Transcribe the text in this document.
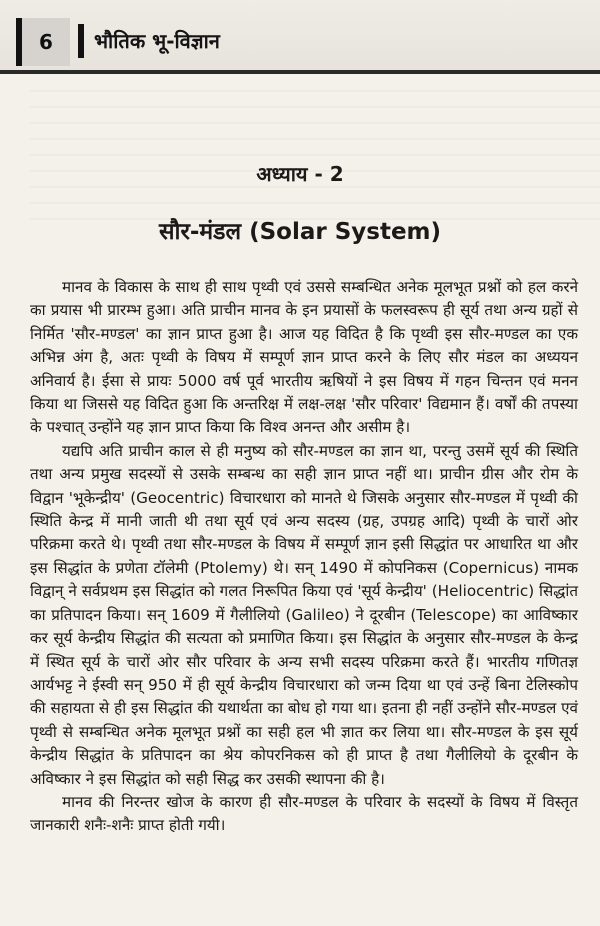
6	भौतिक भू-विज्ञान
अध्याय - 2
सौर-मंडल (Solar System)

मानव के विकास के साथ ही साथ पृथ्वी एवं उससे सम्बन्धित अनेक मूलभूत प्रश्नों को हल करने का प्रयास भी प्रारम्भ हुआ। अति प्राचीन मानव के इन प्रयासों के फलस्वरूप ही सूर्य तथा अन्य ग्रहों से निर्मित 'सौर-मण्डल' का ज्ञान प्राप्त हुआ है। आज यह विदित है कि पृथ्वी इस सौर-मण्डल का एक अभिन्न अंग है, अतः पृथ्वी के विषय में सम्पूर्ण ज्ञान प्राप्त करने के लिए सौर मंडल का अध्ययन अनिवार्य है। ईसा से प्रायः 5000 वर्ष पूर्व भारतीय ऋषियों ने इस विषय में गहन चिन्तन एवं मनन किया था जिससे यह विदित हुआ कि अन्तरिक्ष में लक्ष-लक्ष 'सौर परिवार' विद्यमान हैं। वर्षों की तपस्या के पश्चात् उन्होंने यह ज्ञान प्राप्त किया कि विश्व अनन्त और असीम है।

यद्यपि अति प्राचीन काल से ही मनुष्य को सौर-मण्डल का ज्ञान था, परन्तु उसमें सूर्य की स्थिति तथा अन्य प्रमुख सदस्यों से उसके सम्बन्ध का सही ज्ञान प्राप्त नहीं था। प्राचीन ग्रीस और रोम के विद्वान 'भूकेन्द्रीय' (Geocentric) विचारधारा को मानते थे जिसके अनुसार सौर-मण्डल में पृथ्वी की स्थिति केन्द्र में मानी जाती थी तथा सूर्य एवं अन्य सदस्य (ग्रह, उपग्रह आदि) पृथ्वी के चारों ओर परिक्रमा करते थे। पृथ्वी तथा सौर-मण्डल के विषय में सम्पूर्ण ज्ञान इसी सिद्धांत पर आधारित था और इस सिद्धांत के प्रणेता टॉलेमी (Ptolemy) थे। सन् 1490 में कोपनिकस (Copernicus) नामक विद्वान् ने सर्वप्रथम इस सिद्धांत को गलत निरूपित किया एवं 'सूर्य केन्द्रीय' (Heliocentric) सिद्धांत का प्रतिपादन किया। सन् 1609 में गैलीलियो (Galileo) ने दूरबीन (Telescope) का आविष्कार कर सूर्य केन्द्रीय सिद्धांत की सत्यता को प्रमाणित किया। इस सिद्धांत के अनुसार सौर-मण्डल के केन्द्र में स्थित सूर्य के चारों ओर सौर परिवार के अन्य सभी सदस्य परिक्रमा करते हैं। भारतीय गणितज्ञ आर्यभट्ट ने ईस्वी सन् 950 में ही सूर्य केन्द्रीय विचारधारा को जन्म दिया था एवं उन्हें बिना टेलिस्कोप की सहायता से ही इस सिद्धांत की यथार्थता का बोध हो गया था। इतना ही नहीं उन्होंने सौर-मण्डल एवं पृथ्वी से सम्बन्धित अनेक मूलभूत प्रश्नों का सही हल भी ज्ञात कर लिया था। सौर-मण्डल के इस सूर्य केन्द्रीय सिद्धांत के प्रतिपादन का श्रेय कोपरनिकस को ही प्राप्त है तथा गैलीलियो के दूरबीन के अविष्कार ने इस सिद्धांत को सही सिद्ध कर उसकी स्थापना की है।

मानव की निरन्तर खोज के कारण ही सौर-मण्डल के परिवार के सदस्यों के विषय में विस्तृत जानकारी शनैः-शनैः प्राप्त होती गयी।
